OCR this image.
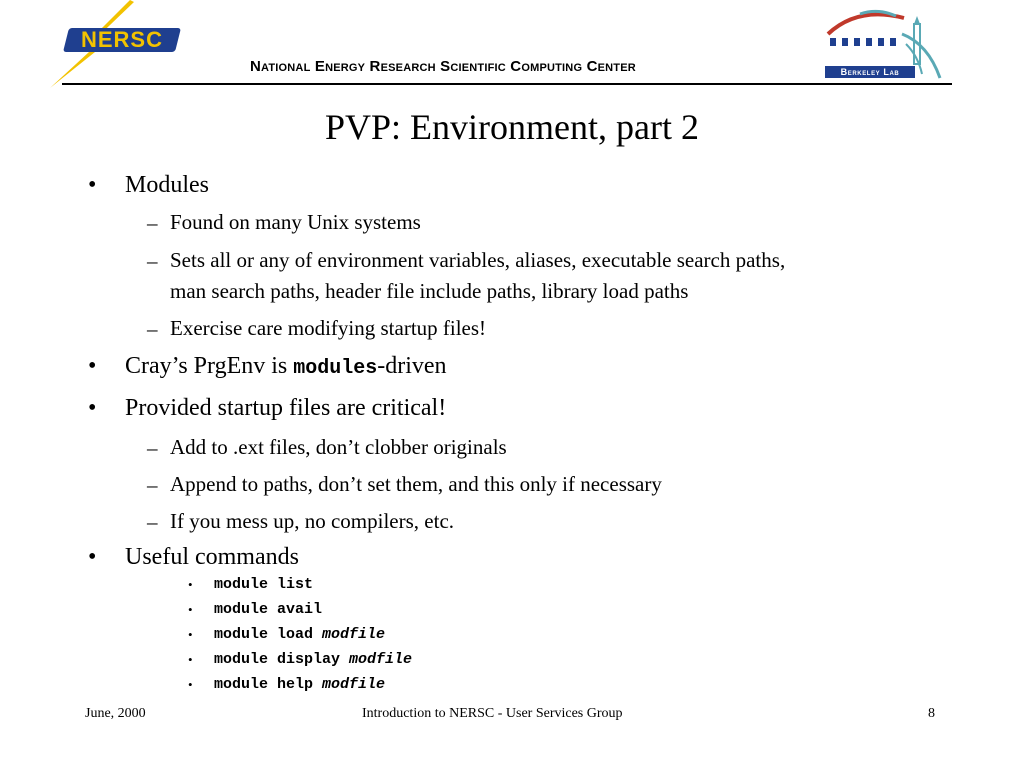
NERSC
National Energy Research Scientific Computing Center	Berkeley Lab
PVP: Environment, part 2
• Modules
– Found on many Unix systems
– Sets all or any of environment variables, aliases, executable search paths,
man search paths, header file include paths, library load paths
– Exercise care modifying startup files!
• Cray’s PrgEnv is modules-driven
• Provided startup files are critical!
– Add to .ext files, don’t clobber originals
– Append to paths, don’t set them, and this only if necessary
– If you mess up, no compilers, etc.
• Useful commands
• module list
• module avail
• module load modfile
• module display modfile
• module help modfile
June, 2000	Introduction to NERSC - User Services Group	8
